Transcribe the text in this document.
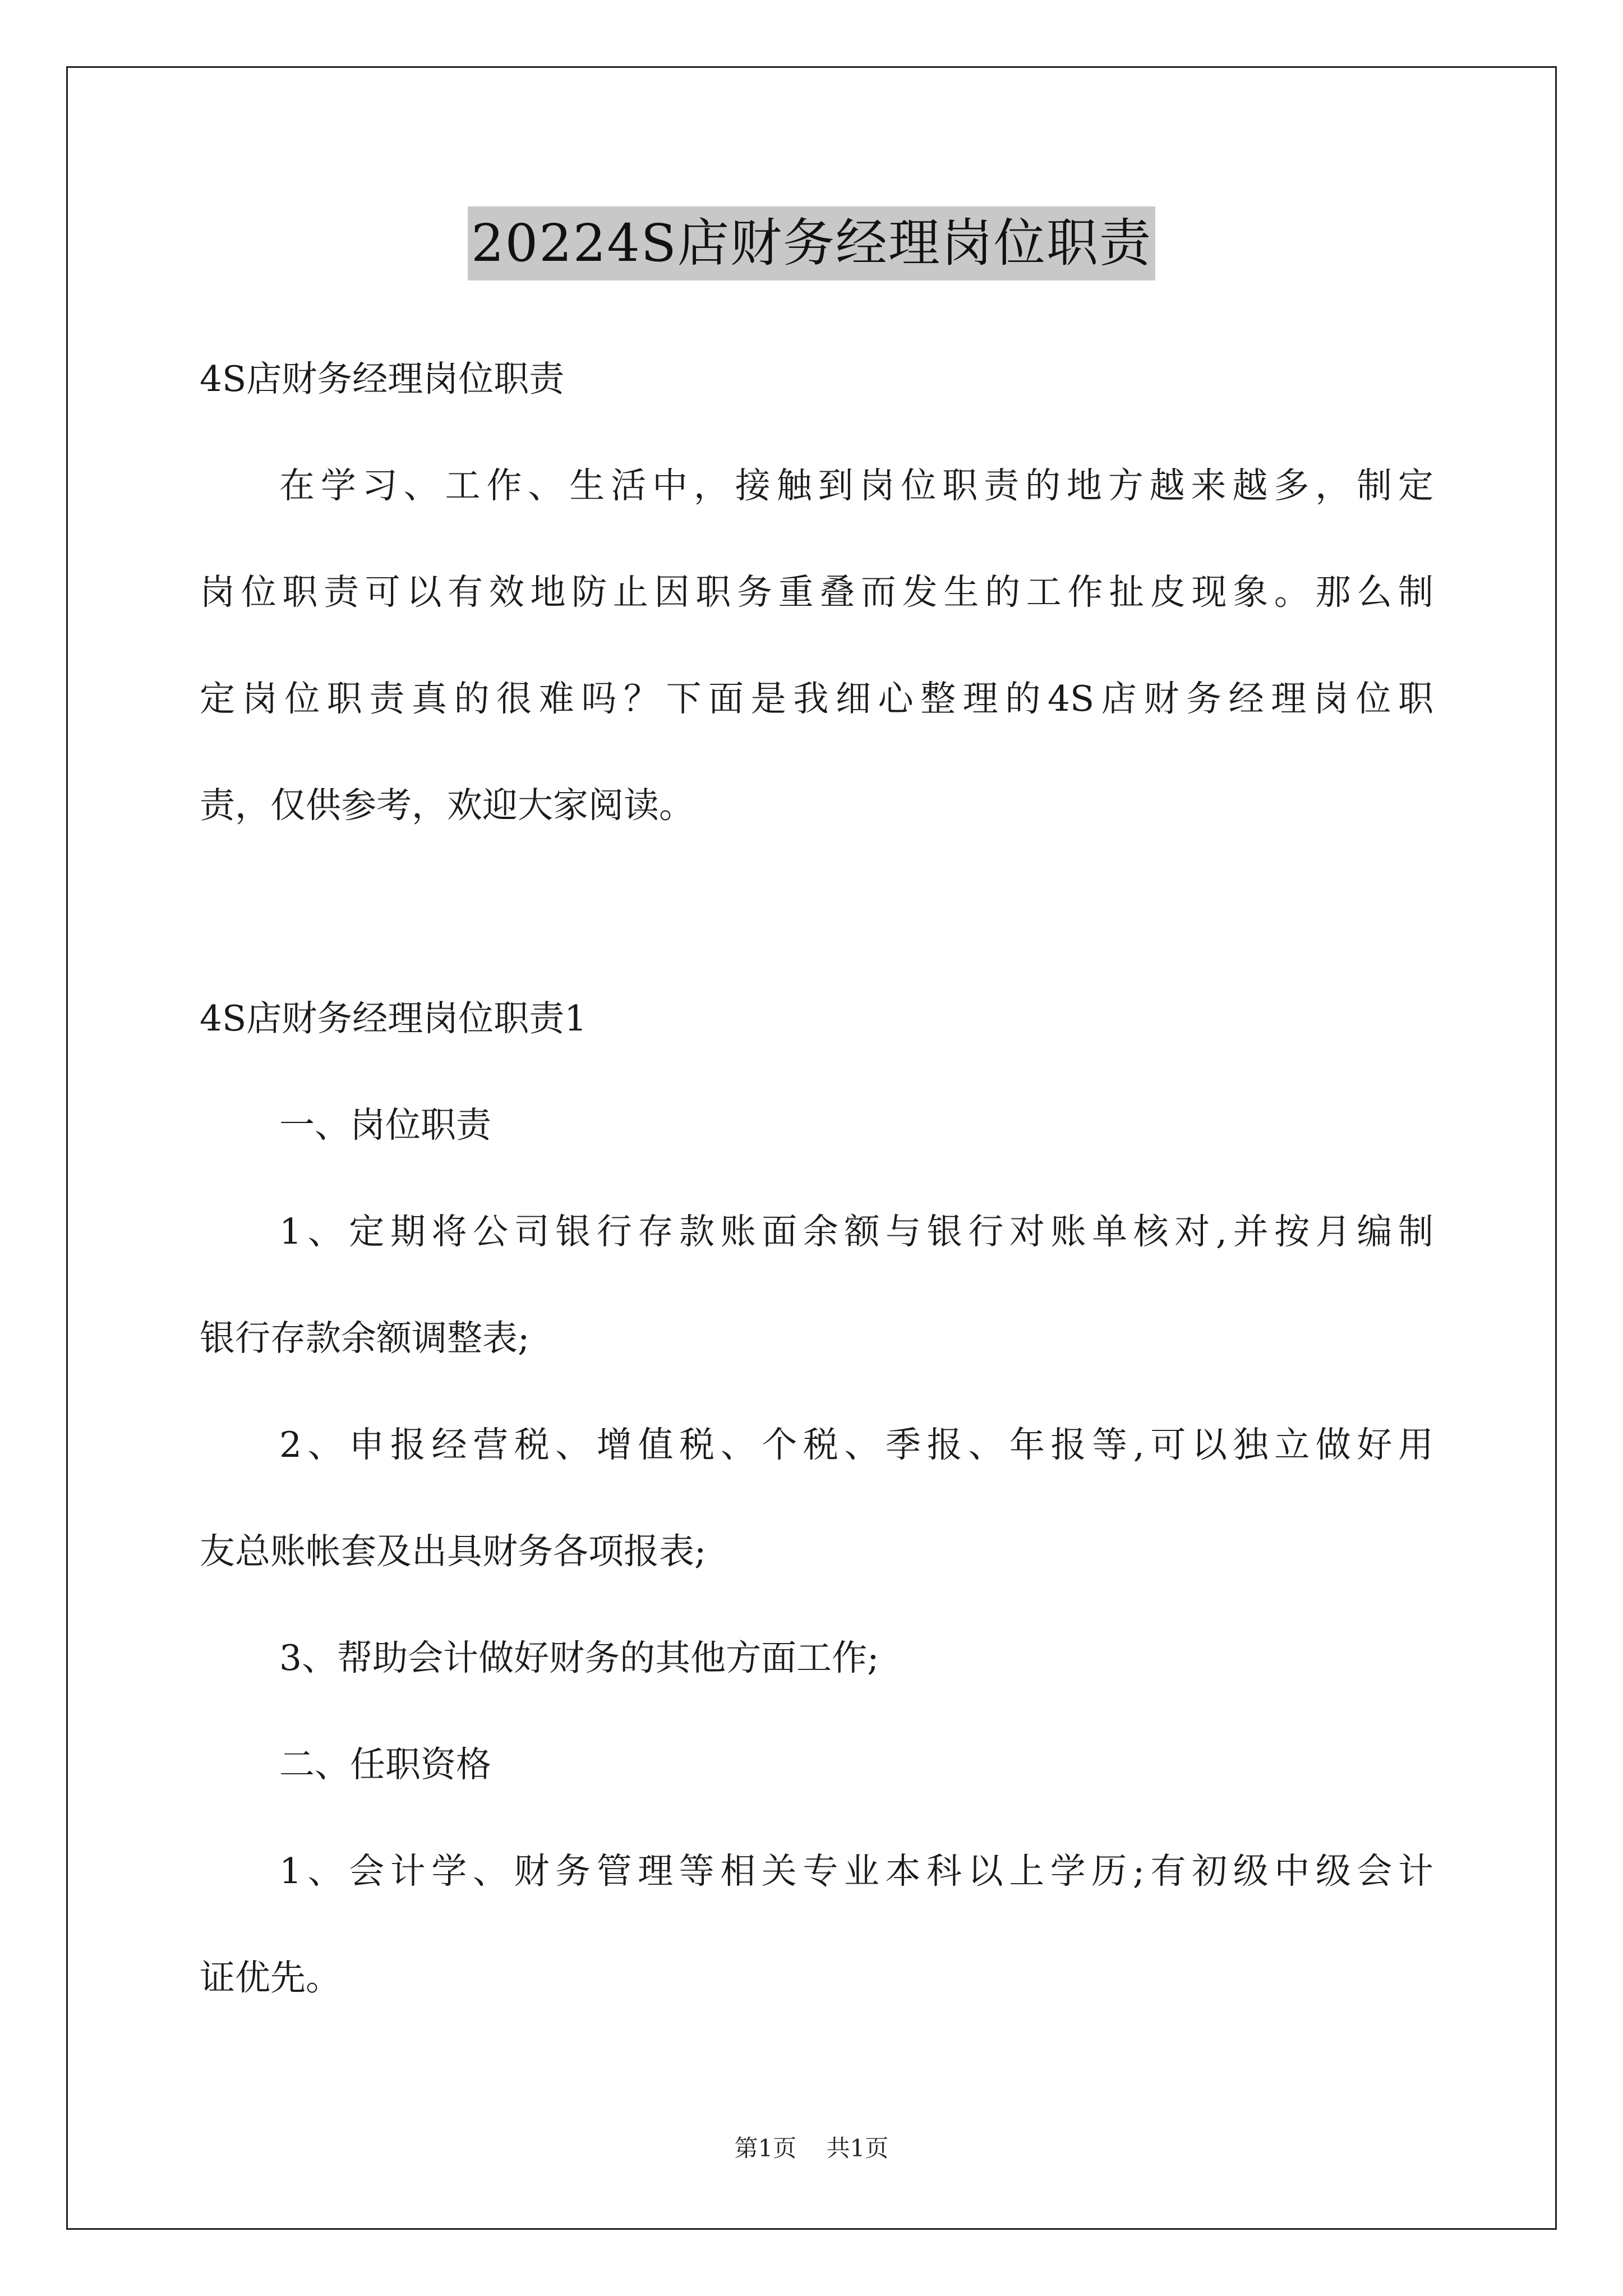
20224S店财务经理岗位职责
4S店财务经理岗位职责
在学习、工作、生活中，接触到岗位职责的地方越来越多，制定
岗位职责可以有效地防止因职务重叠而发生的工作扯皮现象。那么制
定岗位职责真的很难吗？下面是我细心整理的4S店财务经理岗位职
责，仅供参考，欢迎大家阅读。
4S店财务经理岗位职责1
一、岗位职责
1、定期将公司银行存款账面余额与银行对账单核对,并按月编制
银行存款余额调整表;
2、申报经营税、增值税、个税、季报、年报等,可以独立做好用
友总账帐套及出具财务各项报表;
3、帮助会计做好财务的其他方面工作;
二、任职资格
1、会计学、财务管理等相关专业本科以上学历;有初级中级会计
证优先。
第1页    共1页
